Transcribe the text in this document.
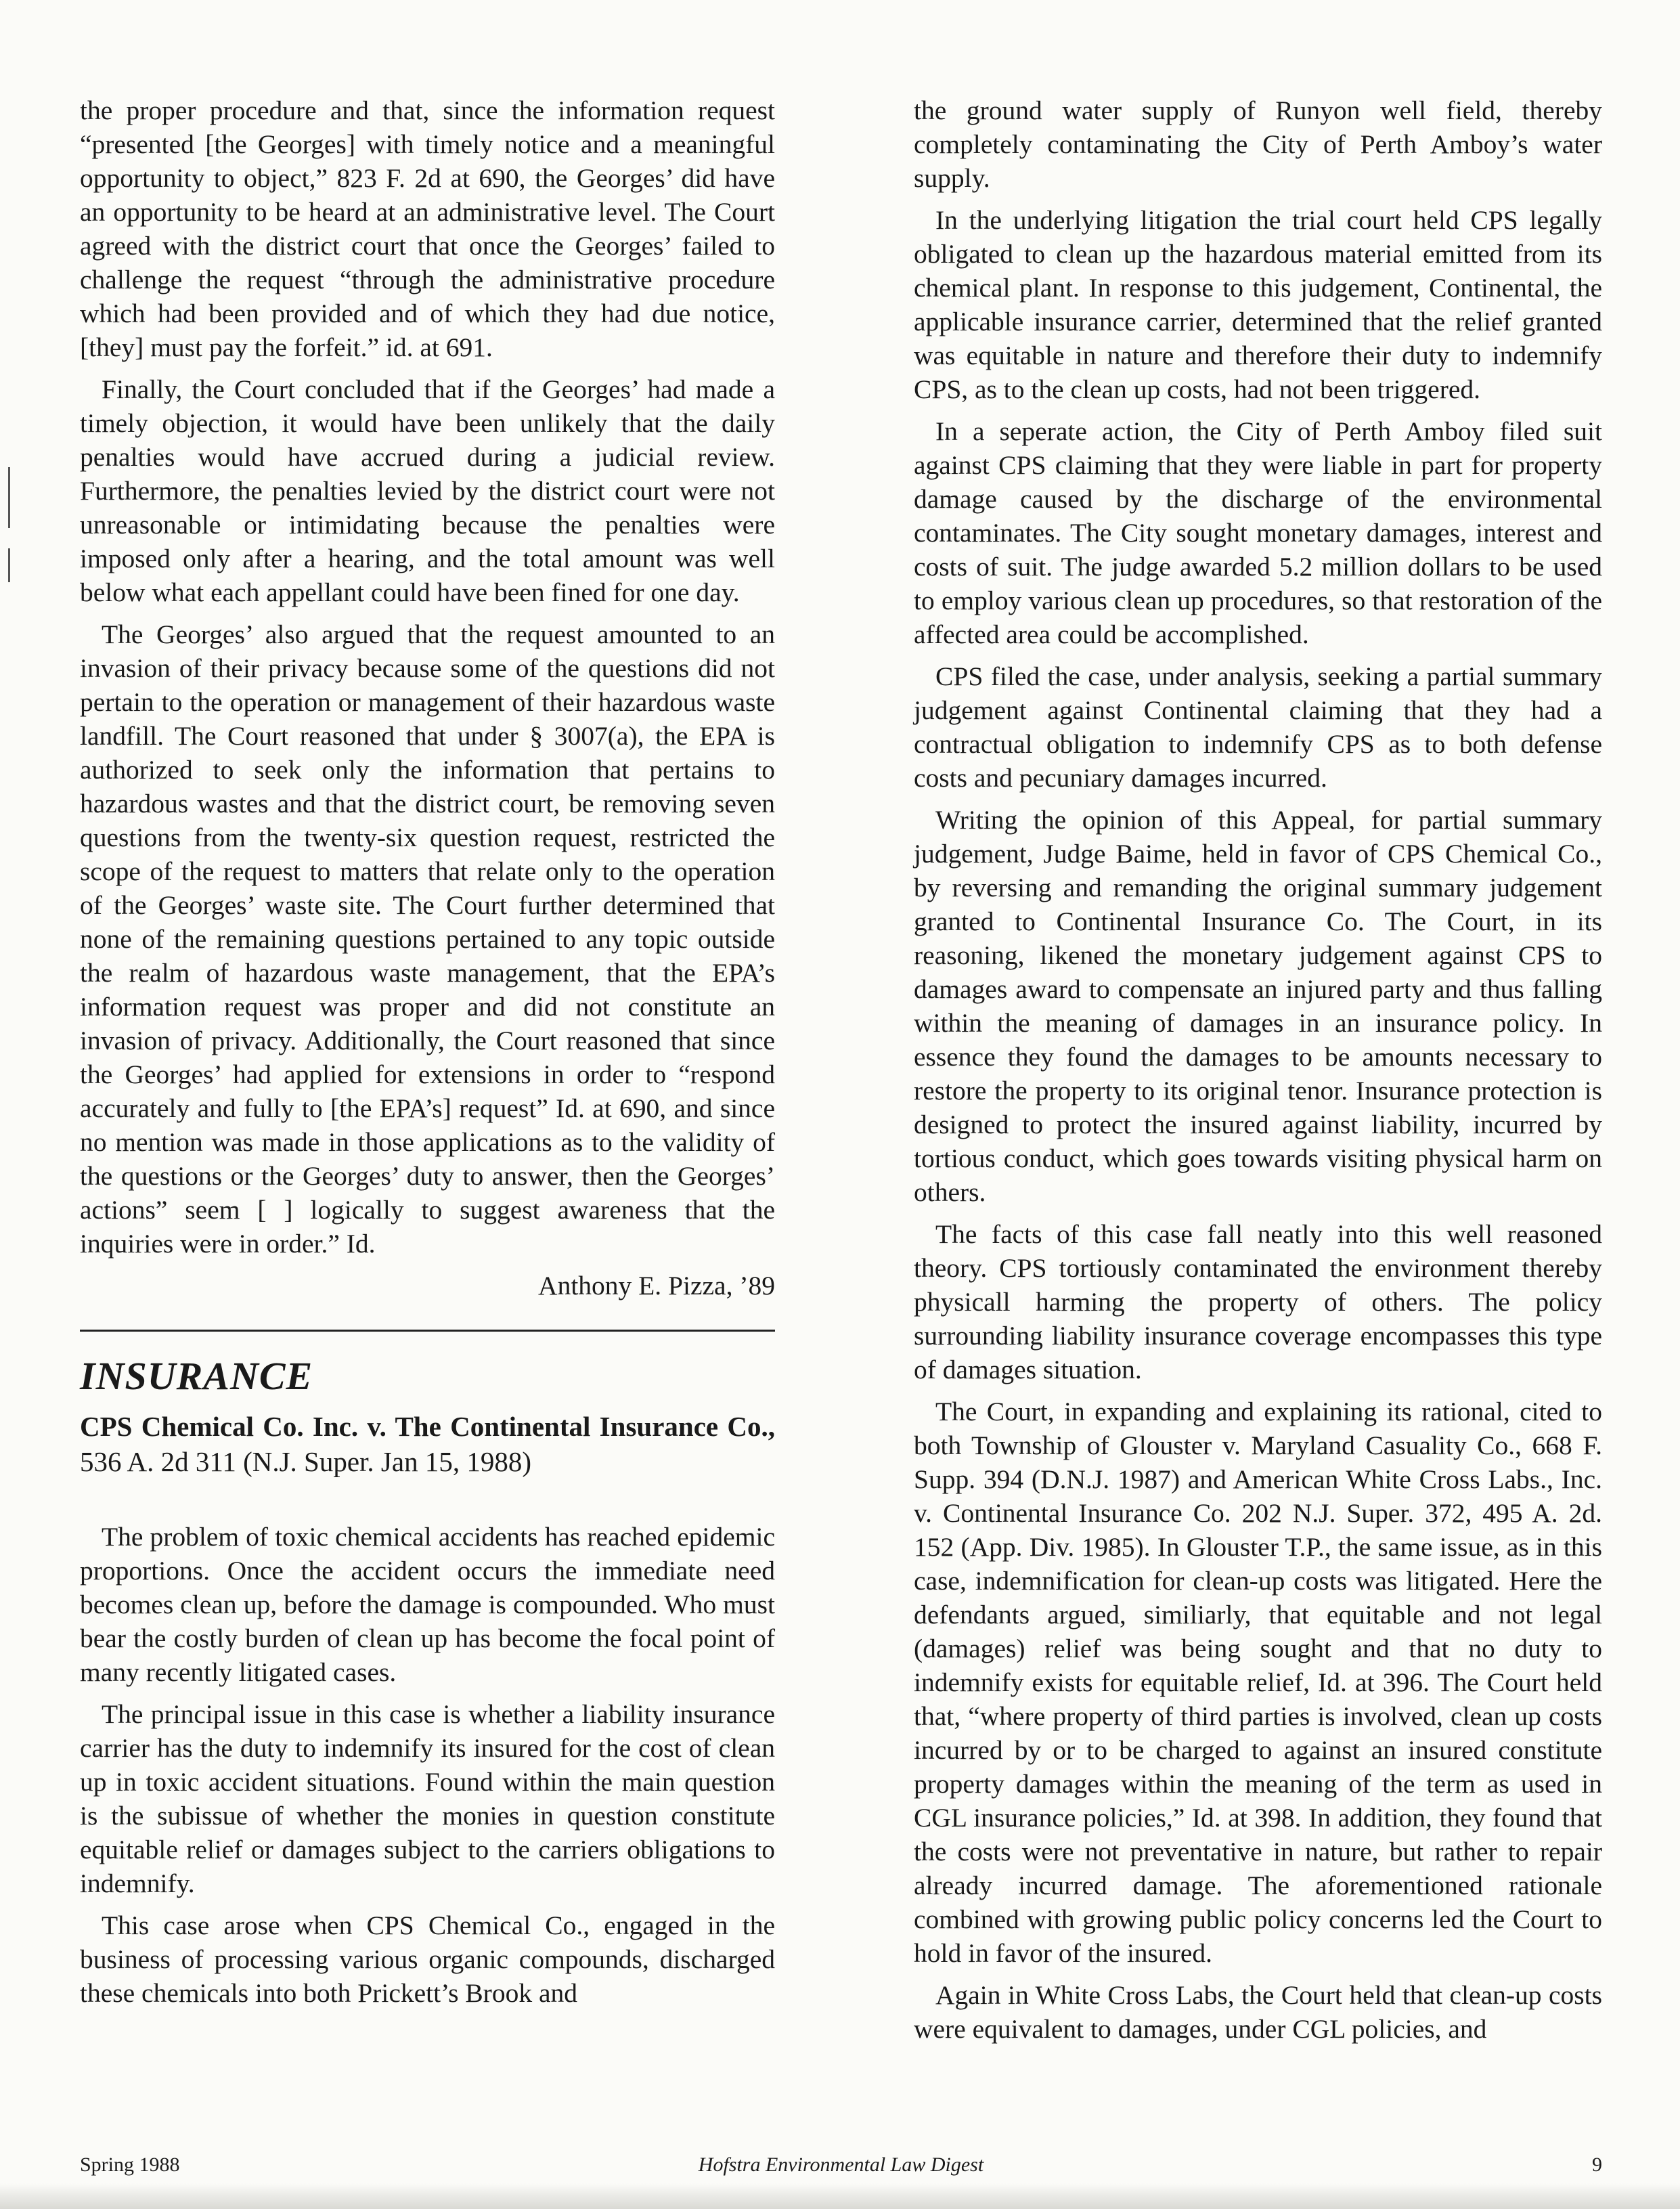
the proper procedure and that, since the information request “presented [the Georges] with timely notice and a meaningful opportunity to object,” 823 F. 2d at 690, the Georges’ did have an opportunity to be heard at an administrative level. The Court agreed with the district court that once the Georges’ failed to challenge the request “through the administrative procedure which had been provided and of which they had due notice, [they] must pay the forfeit.” id. at 691.

Finally, the Court concluded that if the Georges’ had made a timely objection, it would have been unlikely that the daily penalties would have accrued during a judicial review. Furthermore, the penalties levied by the district court were not unreasonable or intimidating because the penalties were imposed only after a hearing, and the total amount was well below what each appellant could have been fined for one day.

The Georges’ also argued that the request amounted to an invasion of their privacy because some of the questions did not pertain to the operation or management of their hazardous waste landfill. The Court reasoned that under § 3007(a), the EPA is authorized to seek only the information that pertains to hazardous wastes and that the district court, be removing seven questions from the twenty-six question request, restricted the scope of the request to matters that relate only to the operation of the Georges’ waste site. The Court further determined that none of the remaining questions pertained to any topic outside the realm of hazardous waste management, that the EPA’s information request was proper and did not constitute an invasion of privacy. Additionally, the Court reasoned that since the Georges’ had applied for extensions in order to “respond accurately and fully to [the EPA’s] request” Id. at 690, and since no mention was made in those applications as to the validity of the questions or the Georges’ duty to answer, then the Georges’ actions” seem [ ] logically to suggest awareness that the inquiries were in order.” Id.

Anthony E. Pizza, ’89
INSURANCE
CPS Chemical Co. Inc. v. The Continental Insurance Co., 536 A. 2d 311 (N.J. Super. Jan 15, 1988)

The problem of toxic chemical accidents has reached epidemic proportions. Once the accident occurs the immediate need becomes clean up, before the damage is compounded. Who must bear the costly burden of clean up has become the focal point of many recently litigated cases.

The principal issue in this case is whether a liability insurance carrier has the duty to indemnify its insured for the cost of clean up in toxic accident situations. Found within the main question is the subissue of whether the monies in question constitute equitable relief or damages subject to the carriers obligations to indemnify.

This case arose when CPS Chemical Co., engaged in the business of processing various organic compounds, discharged these chemicals into both Prickett’s Brook and

the ground water supply of Runyon well field, thereby completely contaminating the City of Perth Amboy’s water supply.

In the underlying litigation the trial court held CPS legally obligated to clean up the hazardous material emitted from its chemical plant. In response to this judgement, Continental, the applicable insurance carrier, determined that the relief granted was equitable in nature and therefore their duty to indemnify CPS, as to the clean up costs, had not been triggered.

In a seperate action, the City of Perth Amboy filed suit against CPS claiming that they were liable in part for property damage caused by the discharge of the environmental contaminates. The City sought monetary damages, interest and costs of suit. The judge awarded 5.2 million dollars to be used to employ various clean up procedures, so that restoration of the affected area could be accomplished.

CPS filed the case, under analysis, seeking a partial summary judgement against Continental claiming that they had a contractual obligation to indemnify CPS as to both defense costs and pecuniary damages incurred.

Writing the opinion of this Appeal, for partial summary judgement, Judge Baime, held in favor of CPS Chemical Co., by reversing and remanding the original summary judgement granted to Continental Insurance Co. The Court, in its reasoning, likened the monetary judgement against CPS to damages award to compensate an injured party and thus falling within the meaning of damages in an insurance policy. In essence they found the damages to be amounts necessary to restore the property to its original tenor. Insurance protection is designed to protect the insured against liability, incurred by tortious conduct, which goes towards visiting physical harm on others.

The facts of this case fall neatly into this well reasoned theory. CPS tortiously contaminated the environment thereby physicall harming the property of others. The policy surrounding liability insurance coverage encompasses this type of damages situation.

The Court, in expanding and explaining its rational, cited to both Township of Glouster v. Maryland Casuality Co., 668 F. Supp. 394 (D.N.J. 1987) and American White Cross Labs., Inc. v. Continental Insurance Co. 202 N.J. Super. 372, 495 A. 2d. 152 (App. Div. 1985). In Glouster T.P., the same issue, as in this case, indemnification for clean-up costs was litigated. Here the defendants argued, similiarly, that equitable and not legal (damages) relief was being sought and that no duty to indemnify exists for equitable relief, Id. at 396. The Court held that, “where property of third parties is involved, clean up costs incurred by or to be charged to against an insured constitute property damages within the meaning of the term as used in CGL insurance policies,” Id. at 398. In addition, they found that the costs were not preventative in nature, but rather to repair already incurred damage. The aforementioned rationale combined with growing public policy concerns led the Court to hold in favor of the insured.

Again in White Cross Labs, the Court held that clean-up costs were equivalent to damages, under CGL policies, and

Spring 1988	Hofstra Environmental Law Digest	9
